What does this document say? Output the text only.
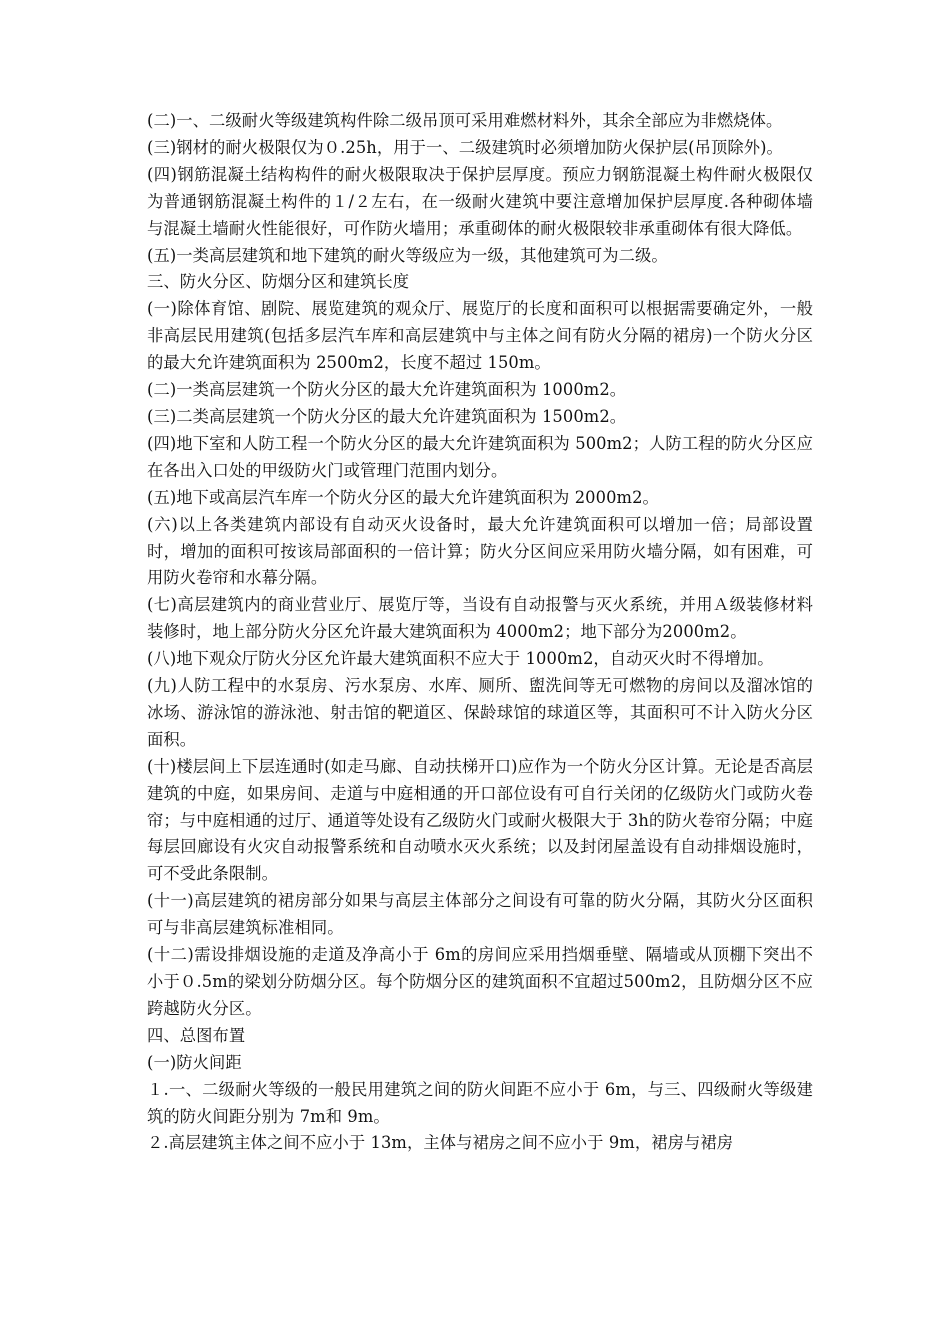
(二)一、二级耐火等级建筑构件除二级吊顶可采用难燃材料外，其余全部应为非燃烧体。

(三)钢材的耐火极限仅为０.25h，用于一、二级建筑时必须增加防火保护层(吊顶除外)。

(四)钢筋混凝土结构构件的耐火极限取决于保护层厚度。预应力钢筋混凝土构件耐火极限仅为普通钢筋混凝土构件的１/２左右，在一级耐火建筑中要注意增加保护层厚度.各种砌体墙与混凝土墙耐火性能很好，可作防火墙用；承重砌体的耐火极限较非承重砌体有很大降低。

(五)一类高层建筑和地下建筑的耐火等级应为一级，其他建筑可为二级。

三、防火分区、防烟分区和建筑长度

(一)除体育馆、剧院、展览建筑的观众厅、展览厅的长度和面积可以根据需要确定外，一般非高层民用建筑(包括多层汽车库和高层建筑中与主体之间有防火分隔的裙房)一个防火分区的最大允许建筑面积为 2500m2，长度不超过 150m。

(二)一类高层建筑一个防火分区的最大允许建筑面积为 1000m2。

(三)二类高层建筑一个防火分区的最大允许建筑面积为 1500m2。

(四)地下室和人防工程一个防火分区的最大允许建筑面积为 500m2；人防工程的防火分区应在各出入口处的甲级防火门或管理门范围内划分。

(五)地下或高层汽车库一个防火分区的最大允许建筑面积为 2000m2。

(六)以上各类建筑内部设有自动灭火设备时，最大允许建筑面积可以增加一倍；局部设置时，增加的面积可按该局部面积的一倍计算；防火分区间应采用防火墙分隔，如有困难，可用防火卷帘和水幕分隔。

(七)高层建筑内的商业营业厅、展览厅等，当设有自动报警与灭火系统，并用Ａ级装修材料装修时，地上部分防火分区允许最大建筑面积为 4000m2；地下部分为2000m2。

(八)地下观众厅防火分区允许最大建筑面积不应大于 1000m2，自动灭火时不得增加。

(九)人防工程中的水泵房、污水泵房、水库、厕所、盥洗间等无可燃物的房间以及溜冰馆的冰场、游泳馆的游泳池、射击馆的靶道区、保龄球馆的球道区等，其面积可不计入防火分区面积。

(十)楼层间上下层连通时(如走马廊、自动扶梯开口)应作为一个防火分区计算。无论是否高层建筑的中庭，如果房间、走道与中庭相通的开口部位设有可自行关闭的亿级防火门或防火卷帘；与中庭相通的过厅、通道等处设有乙级防火门或耐火极限大于 3h的防火卷帘分隔；中庭每层回廊设有火灾自动报警系统和自动喷水灭火系统；以及封闭屋盖设有自动排烟设施时，可不受此条限制。

(十一)高层建筑的裙房部分如果与高层主体部分之间设有可靠的防火分隔，其防火分区面积可与非高层建筑标准相同。

(十二)需设排烟设施的走道及净高小于 6m的房间应采用挡烟垂壁、隔墙或从顶棚下突出不小于０.5m的梁划分防烟分区。每个防烟分区的建筑面积不宜超过500m2，且防烟分区不应跨越防火分区。

四、总图布置

(一)防火间距

１.一、二级耐火等级的一般民用建筑之间的防火间距不应小于 6m，与三、四级耐火等级建筑的防火间距分别为 7m和 9m。

２.高层建筑主体之间不应小于 13m，主体与裙房之间不应小于 9m，裙房与裙房
